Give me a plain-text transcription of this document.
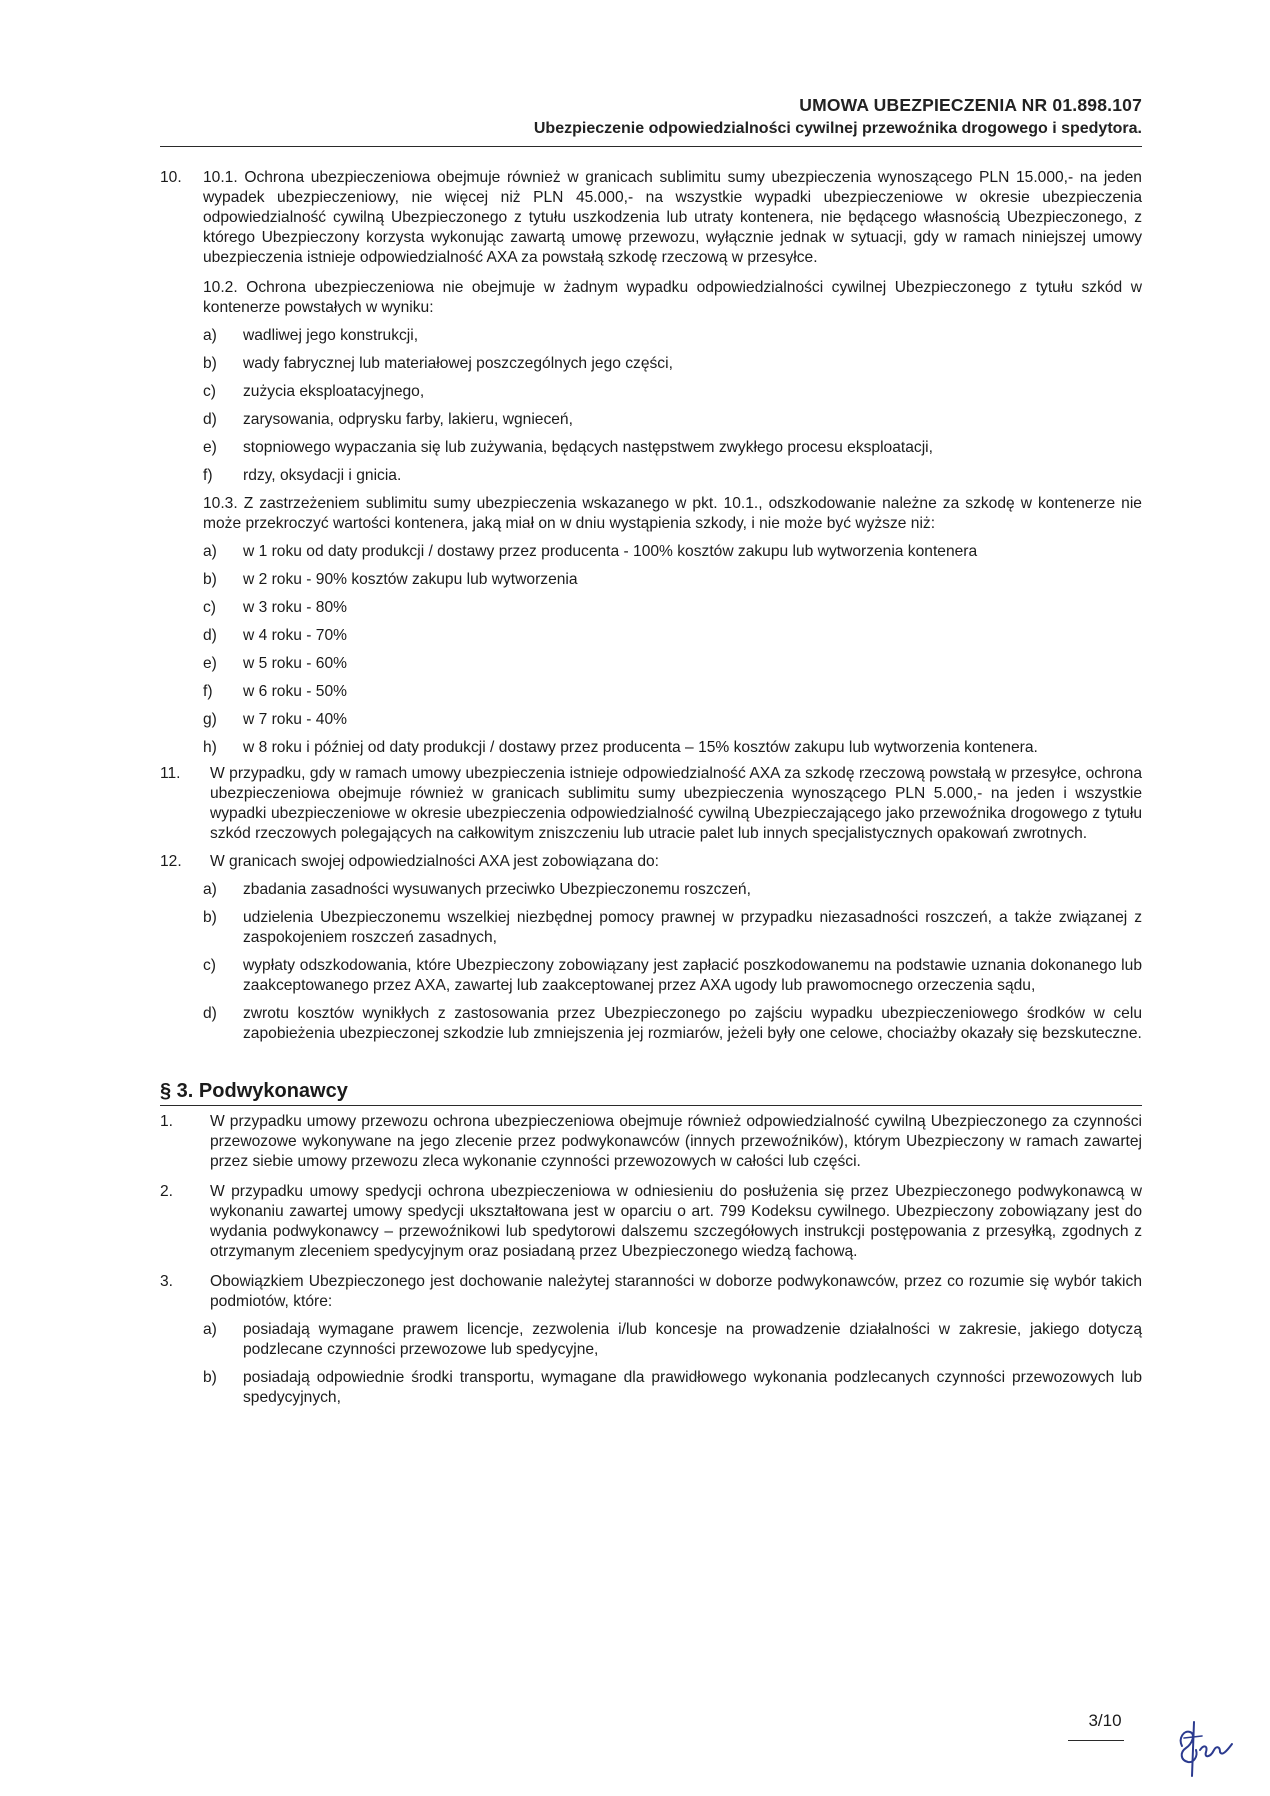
UMOWA UBEZPIECZENIA NR 01.898.107
Ubezpieczenie odpowiedzialności cywilnej przewoźnika drogowego i spedytora.
10.	10.1. Ochrona ubezpieczeniowa obejmuje również w granicach sublimitu sumy ubezpieczenia wynoszącego PLN 15.000,- na jeden wypadek ubezpieczeniowy, nie więcej niż PLN 45.000,- na wszystkie wypadki ubezpieczeniowe w okresie ubezpieczenia odpowiedzialność cywilną Ubezpieczonego z tytułu uszkodzenia lub utraty kontenera, nie będącego własnością Ubezpieczonego, z którego Ubezpieczony korzysta wykonując zawartą umowę przewozu, wyłącznie jednak w sytuacji, gdy w ramach niniejszej umowy ubezpieczenia istnieje odpowiedzialność AXA za powstałą szkodę rzeczową w przesyłce.

10.2. Ochrona ubezpieczeniowa nie obejmuje w żadnym wypadku odpowiedzialności cywilnej Ubezpieczonego z tytułu szkód w kontenerze powstałych w wyniku:

a)	wadliwej jego konstrukcji,
b)	wady fabrycznej lub materiałowej poszczególnych jego części,
c)	zużycia eksploatacyjnego,
d)	zarysowania, odprysku farby, lakieru, wgnieceń,
e)	stopniowego wypaczania się lub zużywania, będących następstwem zwykłego procesu eksploatacji,
f)	rdzy, oksydacji i gnicia.

10.3. Z zastrzeżeniem sublimitu sumy ubezpieczenia wskazanego w pkt. 10.1., odszkodowanie należne za szkodę w kontenerze nie może przekroczyć wartości kontenera, jaką miał on w dniu wystąpienia szkody, i nie może być wyższe niż:

a)	w 1 roku od daty produkcji / dostawy przez producenta - 100% kosztów zakupu lub wytworzenia kontenera
b)	w 2 roku - 90% kosztów zakupu lub wytworzenia
c)	w 3 roku - 80%
d)	w 4 roku - 70%
e)	w 5 roku - 60%
f)	w 6 roku - 50%
g)	w 7 roku - 40%
h)	w 8 roku i później od daty produkcji / dostawy przez producenta – 15% kosztów zakupu lub wytworzenia kontenera.
11.	W przypadku, gdy w ramach umowy ubezpieczenia istnieje odpowiedzialność AXA za szkodę rzeczową powstałą w przesyłce, ochrona ubezpieczeniowa obejmuje również w granicach sublimitu sumy ubezpieczenia wynoszącego PLN 5.000,- na jeden i wszystkie wypadki ubezpieczeniowe w okresie ubezpieczenia odpowiedzialność cywilną Ubezpieczającego jako przewoźnika drogowego z tytułu szkód rzeczowych polegających na całkowitym zniszczeniu lub utracie palet lub innych specjalistycznych opakowań zwrotnych.

12.	W granicach swojej odpowiedzialności AXA jest zobowiązana do:

a)	zbadania zasadności wysuwanych przeciwko Ubezpieczonemu roszczeń,
b)	udzielenia Ubezpieczonemu wszelkiej niezbędnej pomocy prawnej w przypadku niezasadności roszczeń, a także związanej z zaspokojeniem roszczeń zasadnych,
c)	wypłaty odszkodowania, które Ubezpieczony zobowiązany jest zapłacić poszkodowanemu na podstawie uznania dokonanego lub zaakceptowanego przez AXA, zawartej lub zaakceptowanej przez AXA ugody lub prawomocnego orzeczenia sądu,
d)	zwrotu kosztów wynikłych z zastosowania przez Ubezpieczonego po zajściu wypadku ubezpieczeniowego środków w celu zapobieżenia ubezpieczonej szkodzie lub zmniejszenia jej rozmiarów, jeżeli były one celowe, chociażby okazały się bezskuteczne.
§ 3. Podwykonawcy
1.	W przypadku umowy przewozu ochrona ubezpieczeniowa obejmuje również odpowiedzialność cywilną Ubezpieczonego za czynności przewozowe wykonywane na jego zlecenie przez podwykonawców (innych przewoźników), którym Ubezpieczony w ramach zawartej przez siebie umowy przewozu zleca wykonanie czynności przewozowych w całości lub części.

2.	W przypadku umowy spedycji ochrona ubezpieczeniowa w odniesieniu do posłużenia się przez Ubezpieczonego podwykonawcą w wykonaniu zawartej umowy spedycji ukształtowana jest w oparciu o art. 799 Kodeksu cywilnego. Ubezpieczony zobowiązany jest do wydania podwykonawcy – przewoźnikowi lub spedytorowi dalszemu szczegółowych instrukcji postępowania z przesyłką, zgodnych z otrzymanym zleceniem spedycyjnym oraz posiadaną przez Ubezpieczonego wiedzą fachową.

3.	Obowiązkiem Ubezpieczonego jest dochowanie należytej staranności w doborze podwykonawców, przez co rozumie się wybór takich podmiotów, które:

a)	posiadają wymagane prawem licencje, zezwolenia i/lub koncesje na prowadzenie działalności w zakresie, jakiego dotyczą podzlecane czynności przewozowe lub spedycyjne,
b)	posiadają odpowiednie środki transportu, wymagane dla prawidłowego wykonania podzlecanych czynności przewozowych lub spedycyjnych,
3/10
